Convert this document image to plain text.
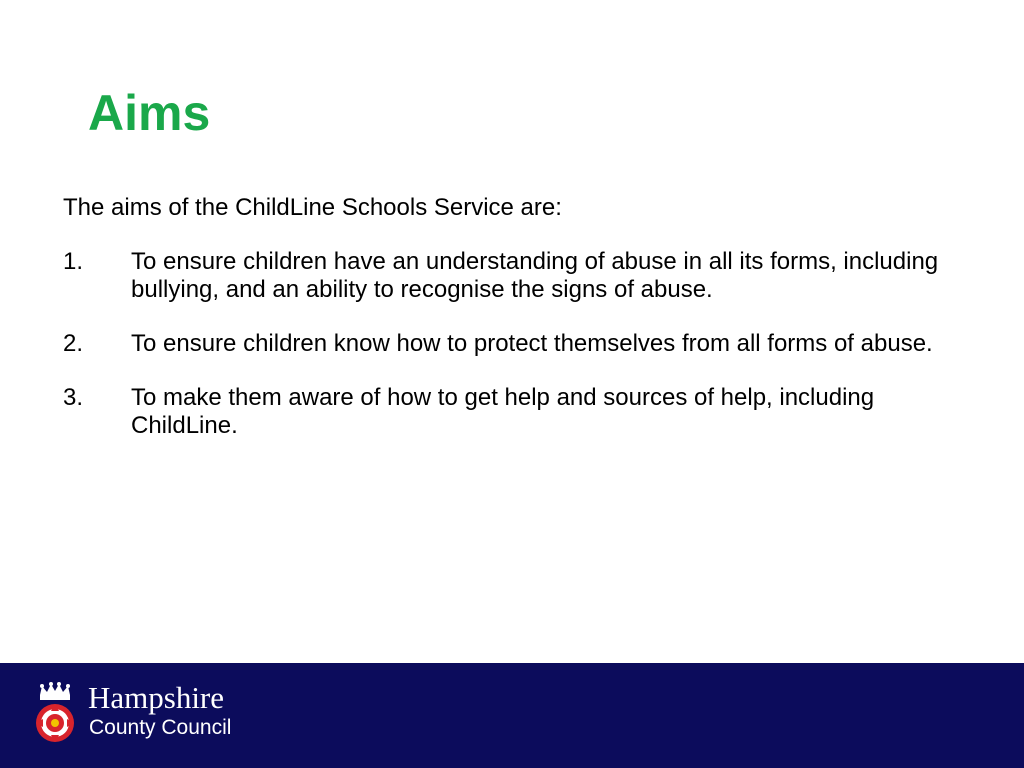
Aims

The aims of the ChildLine Schools Service are:

1.	To ensure children have an understanding of abuse in all its forms, including bullying, and an ability to recognise the signs of abuse.
2.	To ensure children know how to protect themselves from all forms of abuse.
3.	To make them aware of how to get help and sources of help, including ChildLine.

Hampshire

County Council
